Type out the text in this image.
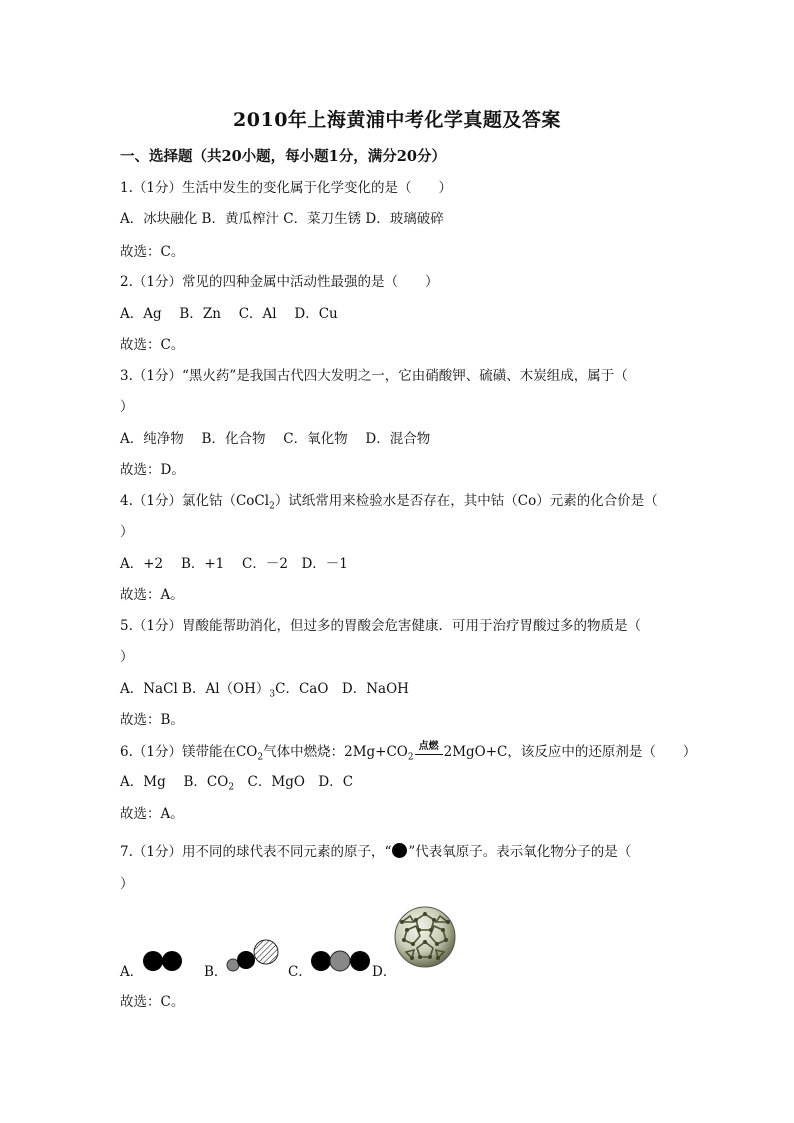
2010年上海黄浦中考化学真题及答案
一、选择题（共20小题，每小题1分，满分20分）
1.（1分）生活中发生的变化属于化学变化的是（　　）
A．冰块融化 B．黄瓜榨汁 C．菜刀生锈 D．玻璃破碎
故选：C。
2.（1分）常见的四种金属中活动性最强的是（　　）
A．Ag　 B．Zn　 C．Al　 D．Cu
故选：C。
3.（1分）“黑火药”是我国古代四大发明之一，它由硝酸钾、硫磺、木炭组成，属于（
）
A．纯净物　 B．化合物　 C．氧化物　 D．混合物
故选：D。
4.（1分）氯化钴（CoCl$_2$）试纸常用来检验水是否存在，其中钴（Co）元素的化合价是（
）
A．+2　 B．+1　 C．－2　D．－1
故选：A。
5.（1分）胃酸能帮助消化，但过多的胃酸会危害健康．可用于治疗胃酸过多的物质是（
）
A．NaCl B．$Al(OH)_3C$．CaO　D．NaOH
故选：B。
6.（1分）镁带能在$CO_2$气体中燃烧：$2Mg+CO_2$
点燃 2MgO+C，该反应中的还原剂是（　　）
A．Mg　 B．$CO_2$　C．MgO　D．C
故选：A。
7.（1分）用不同的球代表不同元素的原子，“ ”代表氧原子。表示氧化物分子的是（
）
A．	B．	C．	D．
故选：C。
